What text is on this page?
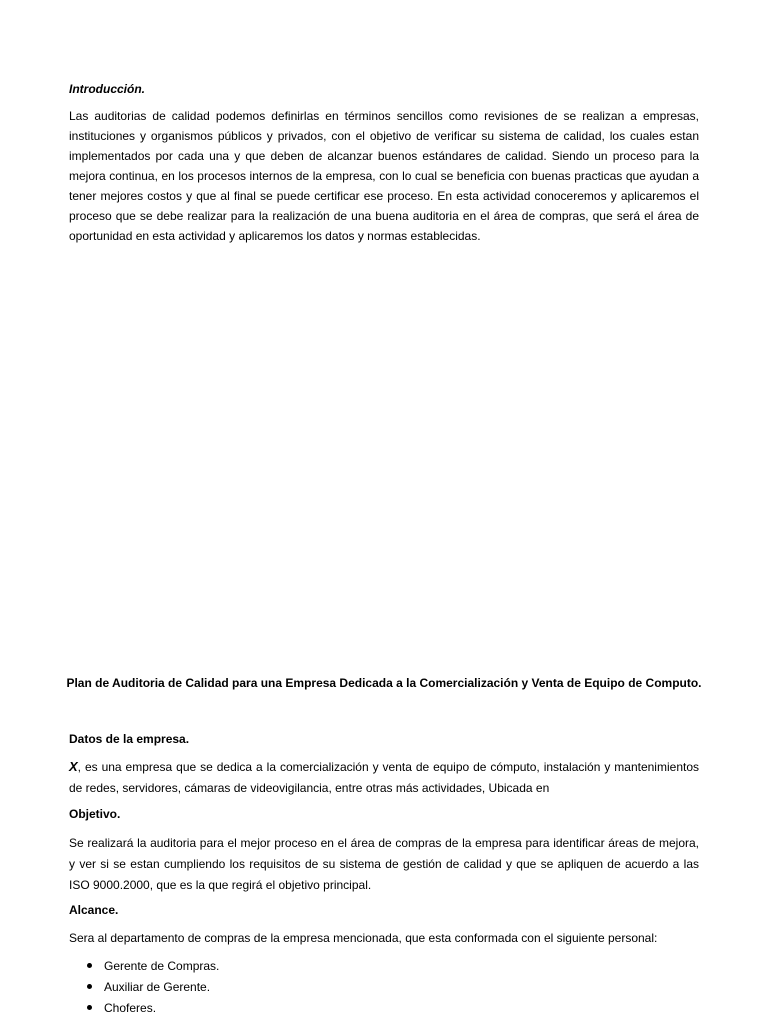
Introducción.

Las auditorias de calidad podemos definirlas en términos sencillos como revisiones de se realizan a empresas, instituciones y organismos públicos y privados, con el objetivo de verificar su sistema de calidad, los cuales estan implementados por cada una y que deben de alcanzar buenos estándares de calidad. Siendo un proceso para la mejora continua, en los procesos internos de la empresa, con lo cual se beneficia con buenas practicas que ayudan a tener mejores costos y que al final se puede certificar ese proceso. En esta actividad conoceremos y aplicaremos el proceso que se debe realizar para la realización de una buena auditoria en el área de compras, que será el área de oportunidad en esta actividad y aplicaremos los datos y normas establecidas.

Plan de Auditoria de Calidad para una Empresa Dedicada a la Comercialización y Venta de Equipo de Computo.

Datos de la empresa.

X, es una empresa que se dedica a la comercialización y venta de equipo de cómputo, instalación y mantenimientos de redes, servidores, cámaras de videovigilancia, entre otras más actividades, Ubicada en

Objetivo.

Se realizará la auditoria para el mejor proceso en el área de compras de la empresa para identificar áreas de mejora, y ver si se estan cumpliendo los requisitos de su sistema de gestión de calidad y que se apliquen de acuerdo a las ISO 9000.2000, que es la que regirá el objetivo principal.

Alcance.

Sera al departamento de compras de la empresa mencionada, que esta conformada con el siguiente personal:

Gerente de Compras.
Auxiliar de Gerente.
Choferes.
